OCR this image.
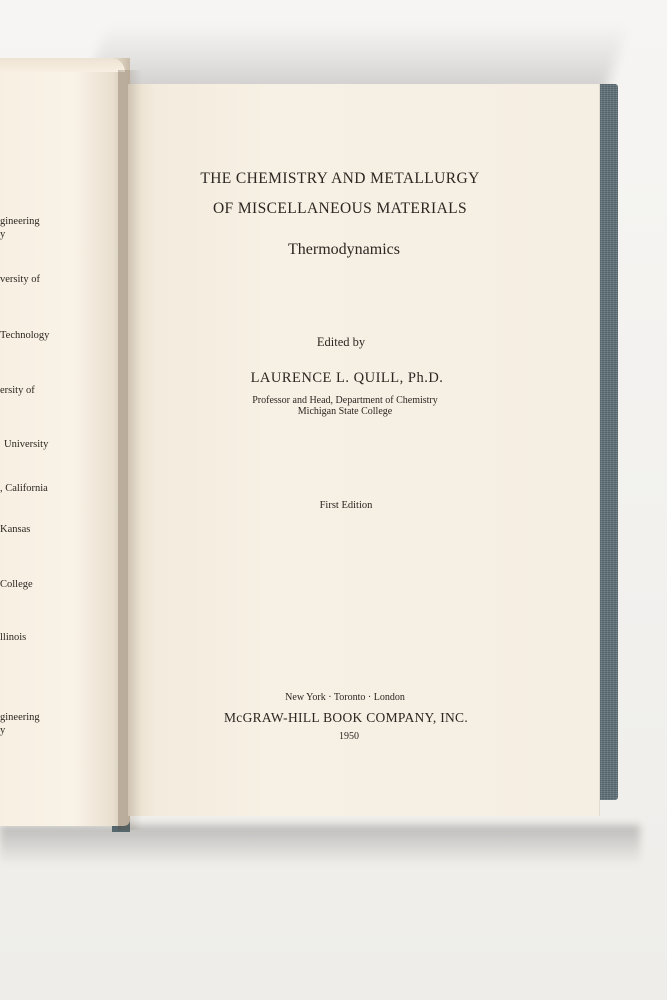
gineering
y
versity of
Technology
ersity of
University
, California
Kansas
College
llinois
gineering
y
THE CHEMISTRY AND METALLURGY
OF MISCELLANEOUS MATERIALS
Thermodynamics
Edited by
LAURENCE L. QUILL, Ph.D.
Professor and Head, Department of Chemistry
Michigan State College
First Edition
New York · Toronto · London
McGRAW-HILL BOOK COMPANY, INC.
1950
